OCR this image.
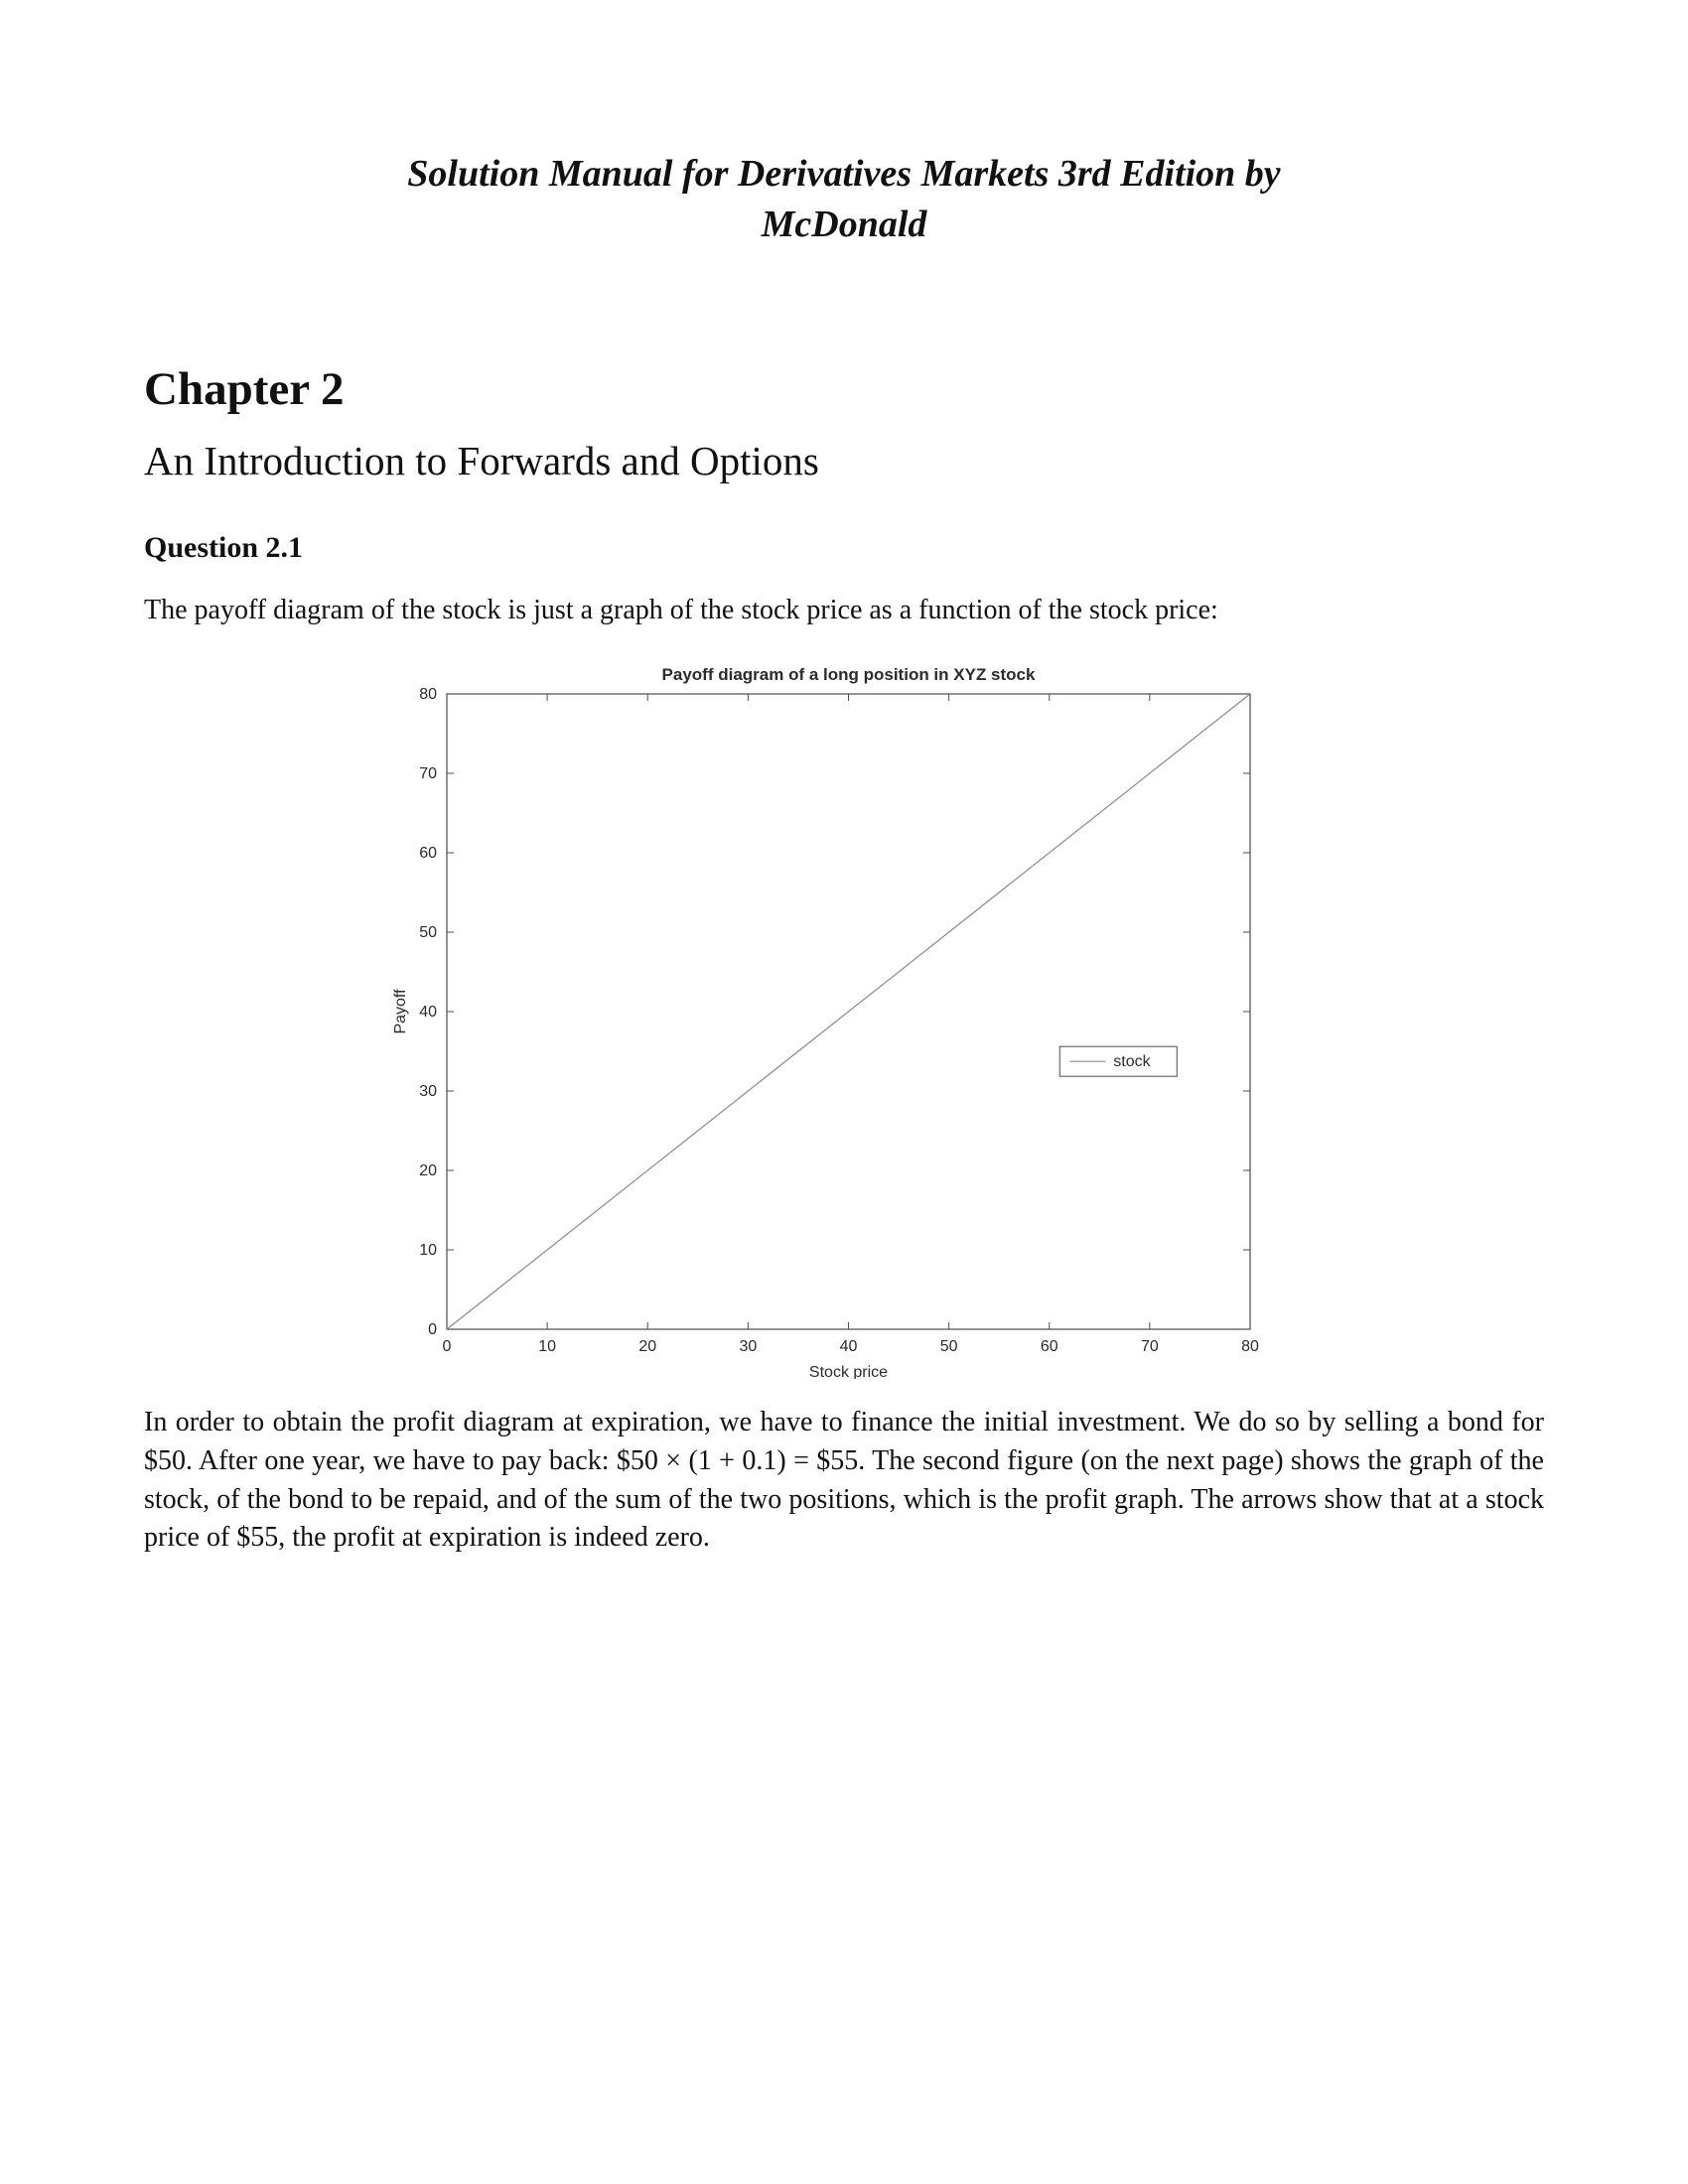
Solution Manual for Derivatives Markets 3rd Edition by
McDonald
Chapter 2
An Introduction to Forwards and Options
Question 2.1

The payoff diagram of the stock is just a graph of the stock price as a function of the stock price:

0	10	20	30	40	50	60	70	80
0
10
20
30
40
50
60
70
80
Payoff diagram of a long position in XYZ stock
Stock price
Payoff
stock

In order to obtain the profit diagram at expiration, we have to finance the initial investment. We do so by selling a bond for $50. After one year, we have to pay back: $50 × (1 + 0.1) = $55. The second figure (on the next page) shows the graph of the stock, of the bond to be repaid, and of the sum of the two positions, which is the profit graph. The arrows show that at a stock price of $55, the profit at expiration is indeed zero.
